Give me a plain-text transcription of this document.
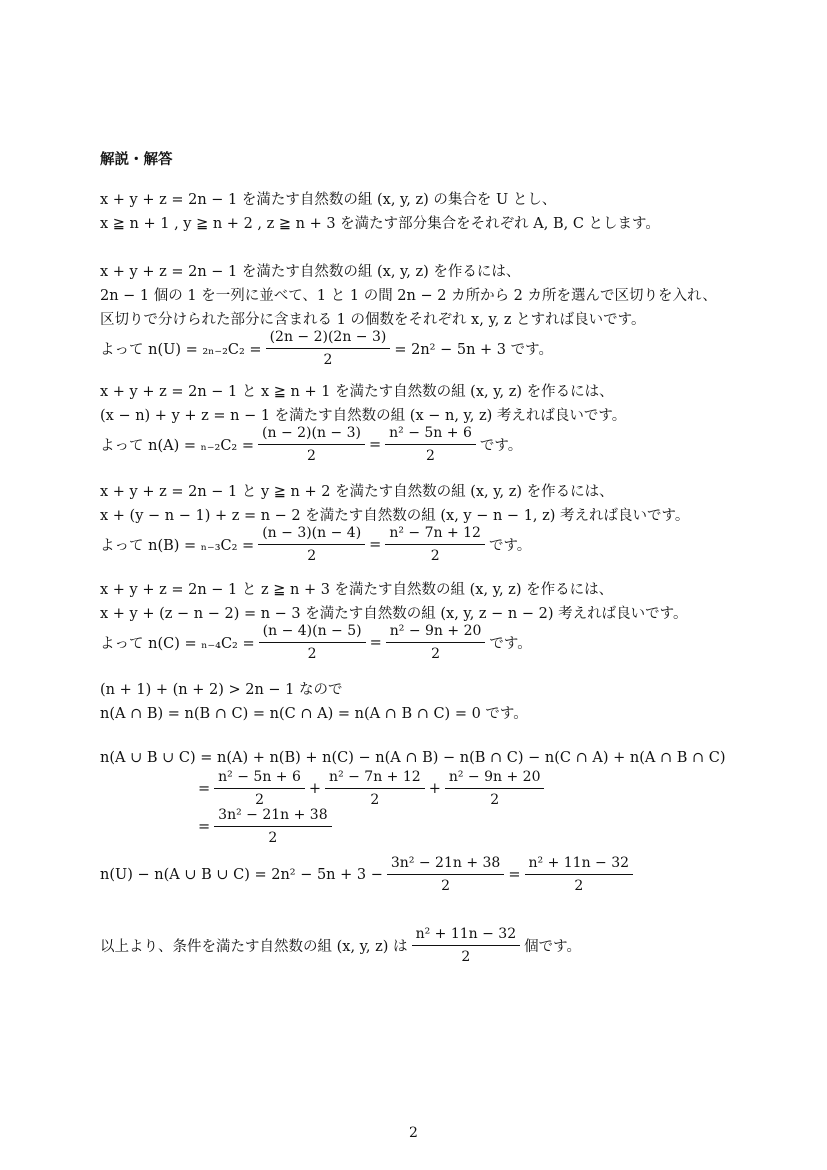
解説・解答
x + y + z = 2n − 1 を満たす自然数の組 (x, y, z) の集合を U とし、
x ≧ n + 1 , y ≧ n + 2 , z ≧ n + 3 を満たす部分集合をそれぞれ A, B, C とします。
x + y + z = 2n − 1 を満たす自然数の組 (x, y, z) を作るには、
2n − 1 個の 1 を一列に並べて、1 と 1 の間 2n − 2 カ所から 2 カ所を選んで区切りを入れ、
区切りで分けられた部分に含まれる 1 の個数をそれぞれ x, y, z とすれば良いです。
よって $n(U) = _{2n-2}C_2 = \frac{(2n - 2)(2n - 3)}{2} = 2n^2 - 5n + 3$ です。
x + y + z = 2n − 1 と x ≧ n + 1 を満たす自然数の組 (x, y, z) を作るには、
(x − n) + y + z = n − 1 を満たす自然数の組 (x − n, y, z) 考えれば良いです。
よって $n(A) = _{n-2}C_2 = \frac{(n - 2)(n - 3)}{2} = \frac{\text{n² − 5n + 6}}{2}$ です。
x + y + z = 2n − 1 と y ≧ n + 2 を満たす自然数の組 (x, y, z) を作るには、
x + (y − n − 1) + z = n − 2 を満たす自然数の組 (x, y − n − 1, z) 考えれば良いです。
よって $n(B) = _{n-3}C_2 = \frac{(n - 3)(n - 4)}{2} = \frac{\text{n² − 7n + 12}}{2}$ です。
x + y + z = 2n − 1 と z ≧ n + 3 を満たす自然数の組 (x, y, z) を作るには、
x + y + (z − n − 2) = n − 3 を満たす自然数の組 (x, y, z − n − 2) 考えれば良いです。
よって $n(C) = _{n-4}C_2 = \frac{(n - 4)(n - 5)}{2} = \frac{\text{n² − 9n + 20}}{2}$ です。
(n + 1) + (n + 2) > 2n − 1 なので
n(A ∩ B) = n(B ∩ C) = n(C ∩ A) = n(A ∩ B ∩ C) = 0 です。
n(A ∪ B ∪ C) = n(A) + n(B) + n(C) − n(A ∩ B) − n(B ∩ C) − n(C ∩ A) + n(A ∩ B ∩ C)
= $\frac{\text{n² − 5n + 6}}{2} + \frac{\text{n² − 7n + 12}}{2} + \frac{\text{n² − 9n + 20}}{2}$
= $\frac{\text{3n² − 21n + 38}}{2}$
n(U) − n(A ∪ B ∪ $C) = 2n^2 - 5n + 3 - \frac{\text{3n² − 21n + 38}}{2} = \frac{\text{n² + 11n − 32}}{2}$
以上より、条件を満たす自然数の組 (x, y, z) は $\frac{\text{n² + 11n − 32}}{2}$ 個です。
2
